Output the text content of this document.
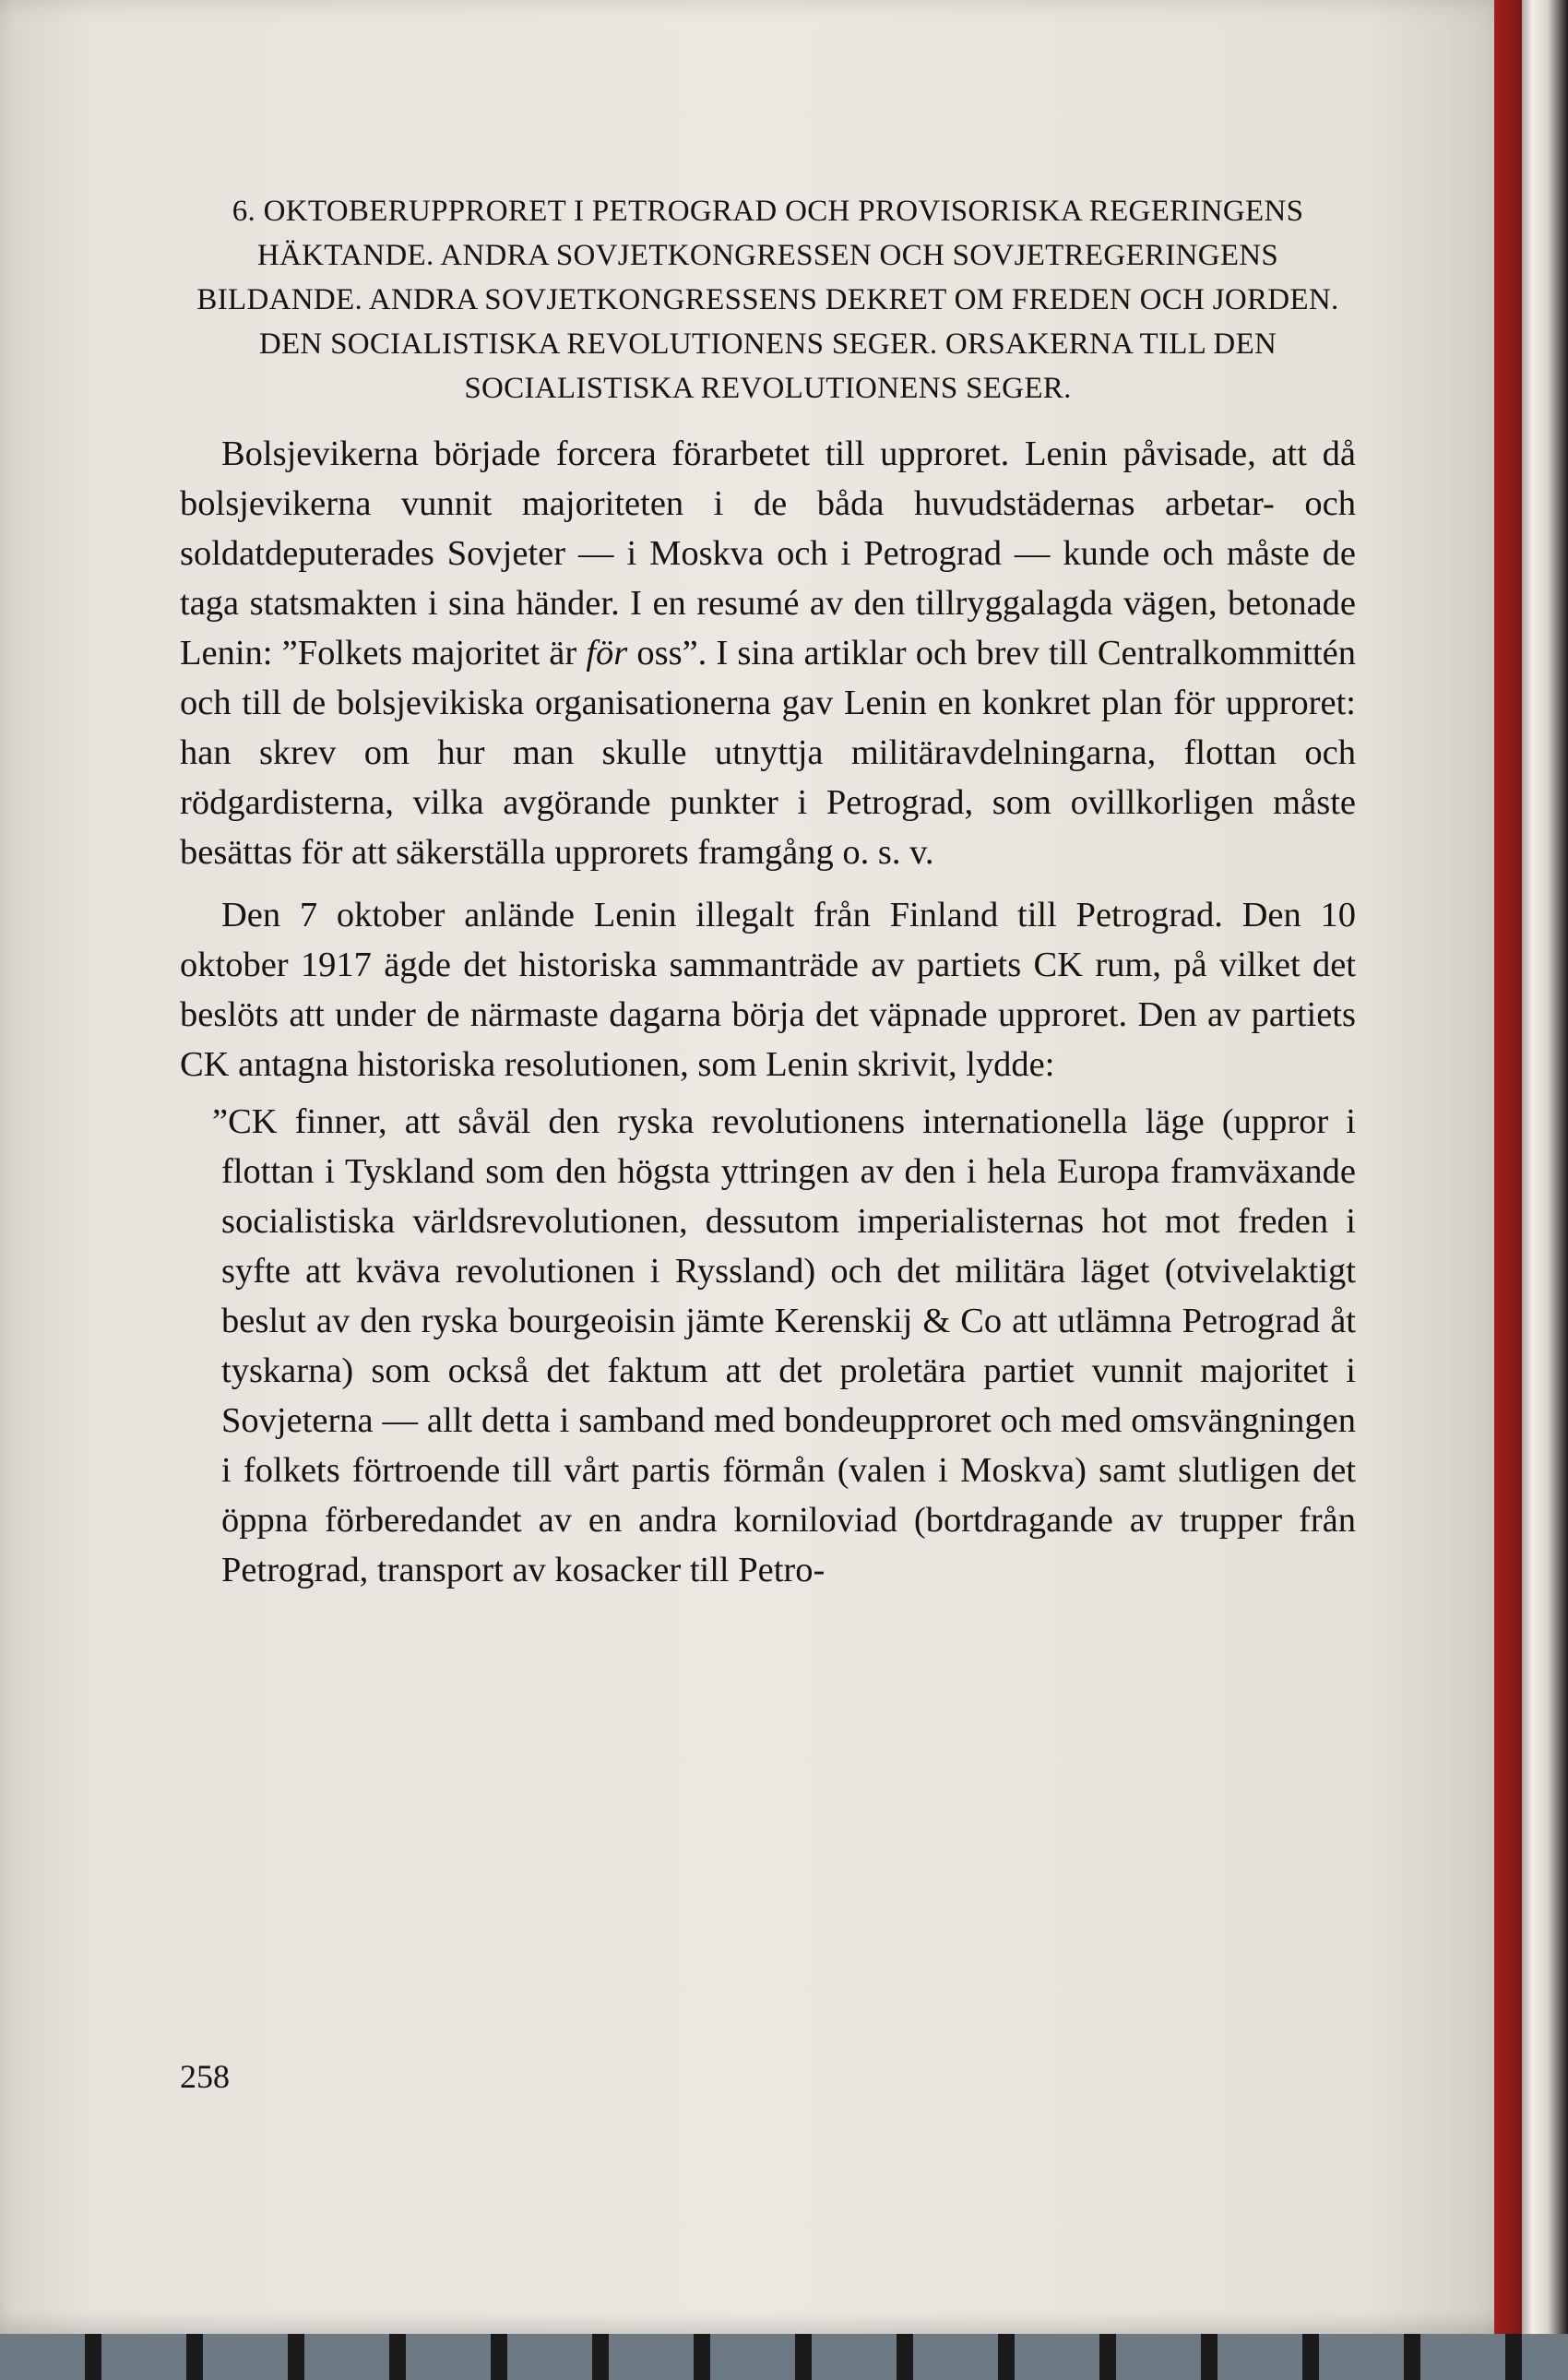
6. OKTOBERUPPRORET I PETROGRAD OCH PROVISORISKA REGERINGENS HÄKTANDE. ANDRA SOVJETKONGRESSEN OCH SOVJETREGERINGENS BILDANDE. ANDRA SOVJETKONGRESSENS DEKRET OM FREDEN OCH JORDEN. DEN SOCIALISTISKA REVOLUTIONENS SEGER. ORSAKERNA TILL DEN SOCIALISTISKA REVOLUTIONENS SEGER.

Bolsjevikerna började forcera förarbetet till upproret. Lenin påvisade, att då bolsjevikerna vunnit majoriteten i de båda huvudstädernas arbetar- och soldatdeputerades Sovjeter — i Moskva och i Petrograd — kunde och måste de taga statsmakten i sina händer. I en resumé av den tillryggalagda vägen, betonade Lenin: ”Folkets majoritet är för oss”. I sina artiklar och brev till Centralkommittén och till de bolsjevikiska organisationerna gav Lenin en konkret plan för upproret: han skrev om hur man skulle utnyttja militäravdelningarna, flottan och rödgardisterna, vilka avgörande punkter i Petrograd, som ovillkorligen måste besättas för att säkerställa upprorets framgång o. s. v.

Den 7 oktober anlände Lenin illegalt från Finland till Petrograd. Den 10 oktober 1917 ägde det historiska sammanträde av partiets CK rum, på vilket det beslöts att under de närmaste dagarna börja det väpnade upproret. Den av partiets CK antagna historiska resolutionen, som Lenin skrivit, lydde:

”CK finner, att såväl den ryska revolutionens internationella läge (uppror i flottan i Tyskland som den högsta yttringen av den i hela Europa framväxande socialistiska världsrevolutionen, dessutom imperialisternas hot mot freden i syfte att kväva revolutionen i Ryssland) och det militära läget (otvivelaktigt beslut av den ryska bourgeoisin jämte Kerenskij & Co att utlämna Petrograd åt tyskarna) som också det faktum att det proletära partiet vunnit majoritet i Sovjeterna — allt detta i samband med bondeupproret och med omsvängningen i folkets förtroende till vårt partis förmån (valen i Moskva) samt slutligen det öppna förberedandet av en andra korniloviad (bortdragande av trupper från Petrograd, transport av kosacker till Petro-

258
